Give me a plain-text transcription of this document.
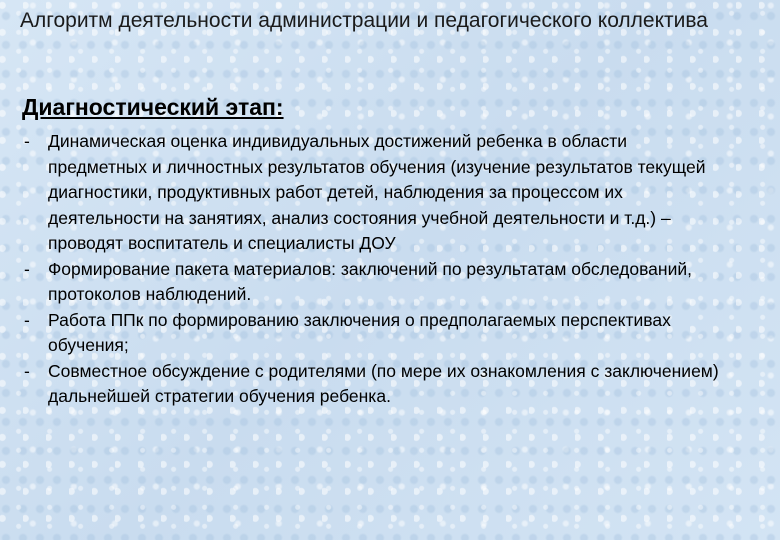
Алгоритм деятельности администрации и педагогического коллектива
Диагностический этап:
- Динамическая оценка индивидуальных достижений ребенка в области предметных и личностных результатов обучения (изучение результатов текущей диагностики, продуктивных работ детей, наблюдения за процессом их деятельности на занятиях, анализ состояния учебной деятельности и т.д.) – проводят воспитатель и специалисты ДОУ
- Формирование пакета материалов: заключений по результатам обследований, протоколов наблюдений.
- Работа ППк по формированию заключения о предполагаемых перспективах обучения;
- Совместное обсуждение с родителями (по мере их ознакомления с заключением) дальнейшей стратегии обучения ребенка.
